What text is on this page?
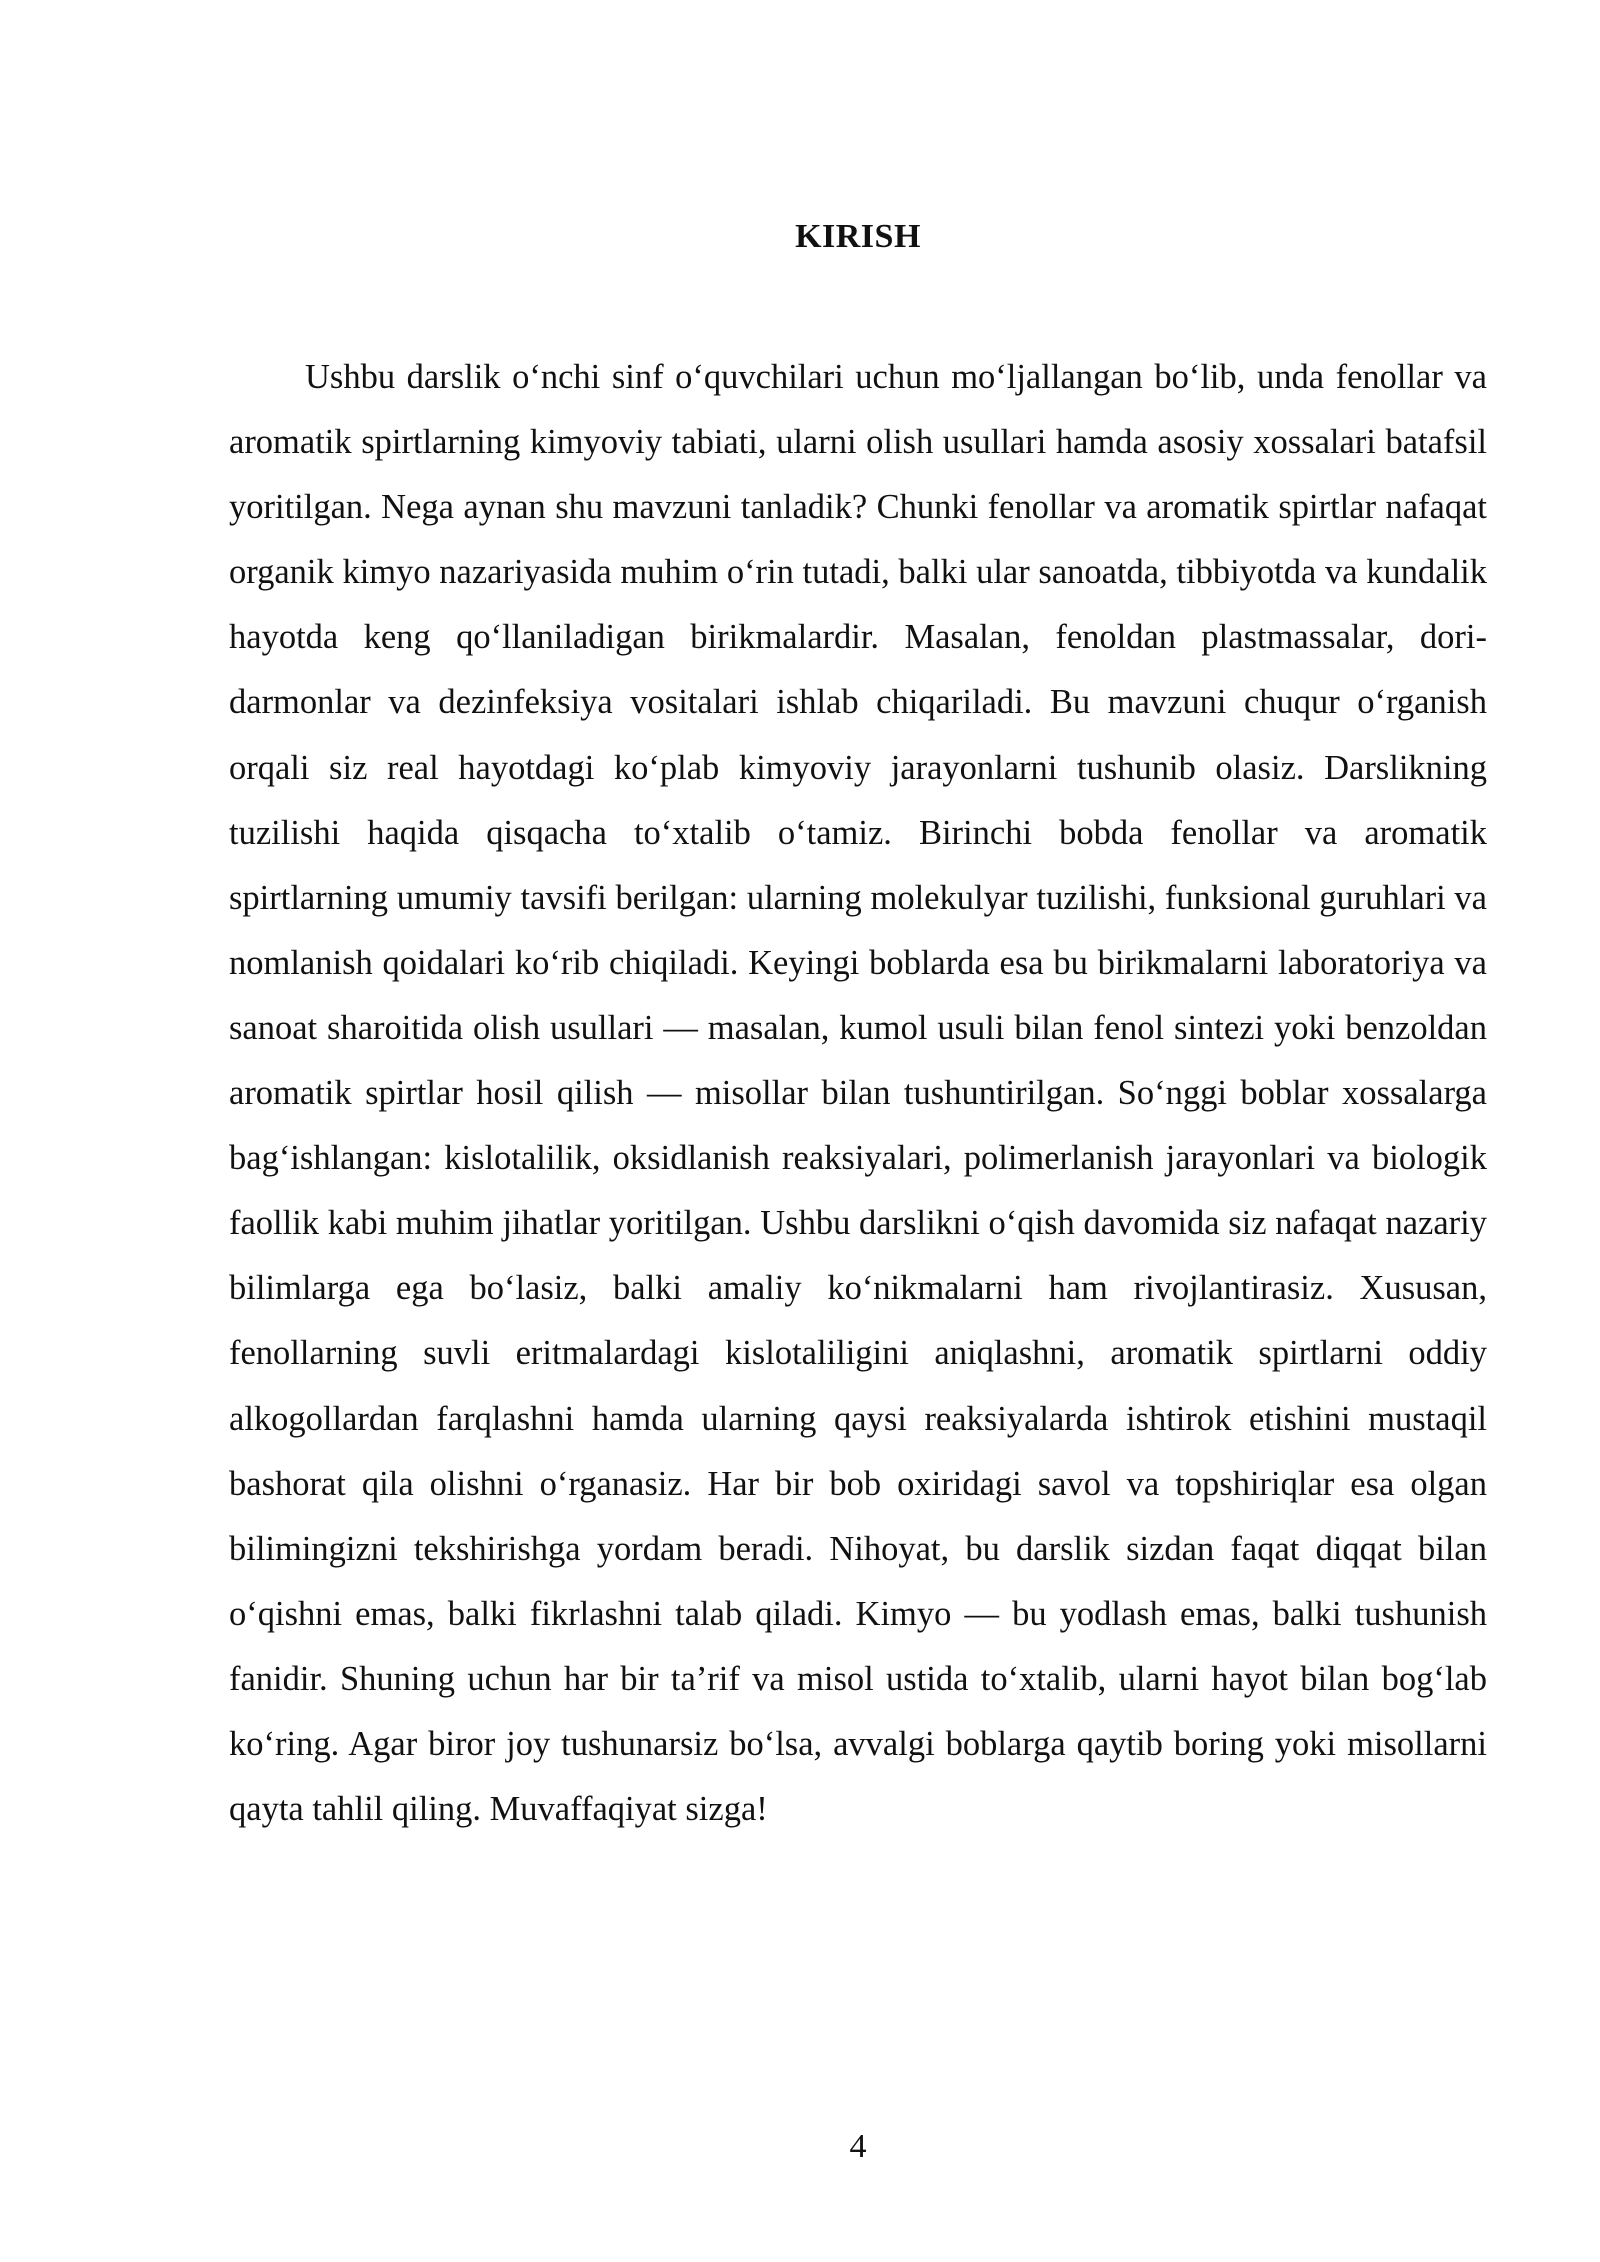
KIRISH

Ushbu darslik o‘nchi sinf o‘quvchilari uchun mo‘ljallangan bo‘lib, unda fenollar va aromatik spirtlarning kimyoviy tabiati, ularni olish usullari hamda asosiy xossalari batafsil yoritilgan. Nega aynan shu mavzuni tanladik? Chunki fenollar va aromatik spirtlar nafaqat organik kimyo nazariyasida muhim o‘rin tutadi, balki ular sanoatda, tibbiyotda va kundalik hayotda keng qo‘llaniladigan birikmalardir. Masalan, fenoldan plastmassalar, dori-darmonlar va dezinfeksiya vositalari ishlab chiqariladi. Bu mavzuni chuqur o‘rganish orqali siz real hayotdagi ko‘plab kimyoviy jarayonlarni tushunib olasiz. Darslikning tuzilishi haqida qisqacha to‘xtalib o‘tamiz. Birinchi bobda fenollar va aromatik spirtlarning umumiy tavsifi berilgan: ularning molekulyar tuzilishi, funksional guruhlari va nomlanish qoidalari ko‘rib chiqiladi. Keyingi boblarda esa bu birikmalarni laboratoriya va sanoat sharoitida olish usullari — masalan, kumol usuli bilan fenol sintezi yoki benzoldan aromatik spirtlar hosil qilish — misollar bilan tushuntirilgan. So‘nggi boblar xossalarga bag‘ishlangan: kislotalilik, oksidlanish reaksiyalari, polimerlanish jarayonlari va biologik faollik kabi muhim jihatlar yoritilgan. Ushbu darslikni o‘qish davomida siz nafaqat nazariy bilimlarga ega bo‘lasiz, balki amaliy ko‘nikmalarni ham rivojlantirasiz. Xususan, fenollarning suvli eritmalardagi kislotaliligini aniqlashni, aromatik spirtlarni oddiy alkogollardan farqlashni hamda ularning qaysi reaksiyalarda ishtirok etishini mustaqil bashorat qila olishni o‘rganasiz. Har bir bob oxiridagi savol va topshiriqlar esa olgan bilimingizni tekshirishga yordam beradi. Nihoyat, bu darslik sizdan faqat diqqat bilan o‘qishni emas, balki fikrlashni talab qiladi. Kimyo — bu yodlash emas, balki tushunish fanidir. Shuning uchun har bir ta’rif va misol ustida to‘xtalib, ularni hayot bilan bog‘lab ko‘ring. Agar biror joy tushunarsiz bo‘lsa, avvalgi boblarga qaytib boring yoki misollarni qayta tahlil qiling. Muvaffaqiyat sizga!

4
